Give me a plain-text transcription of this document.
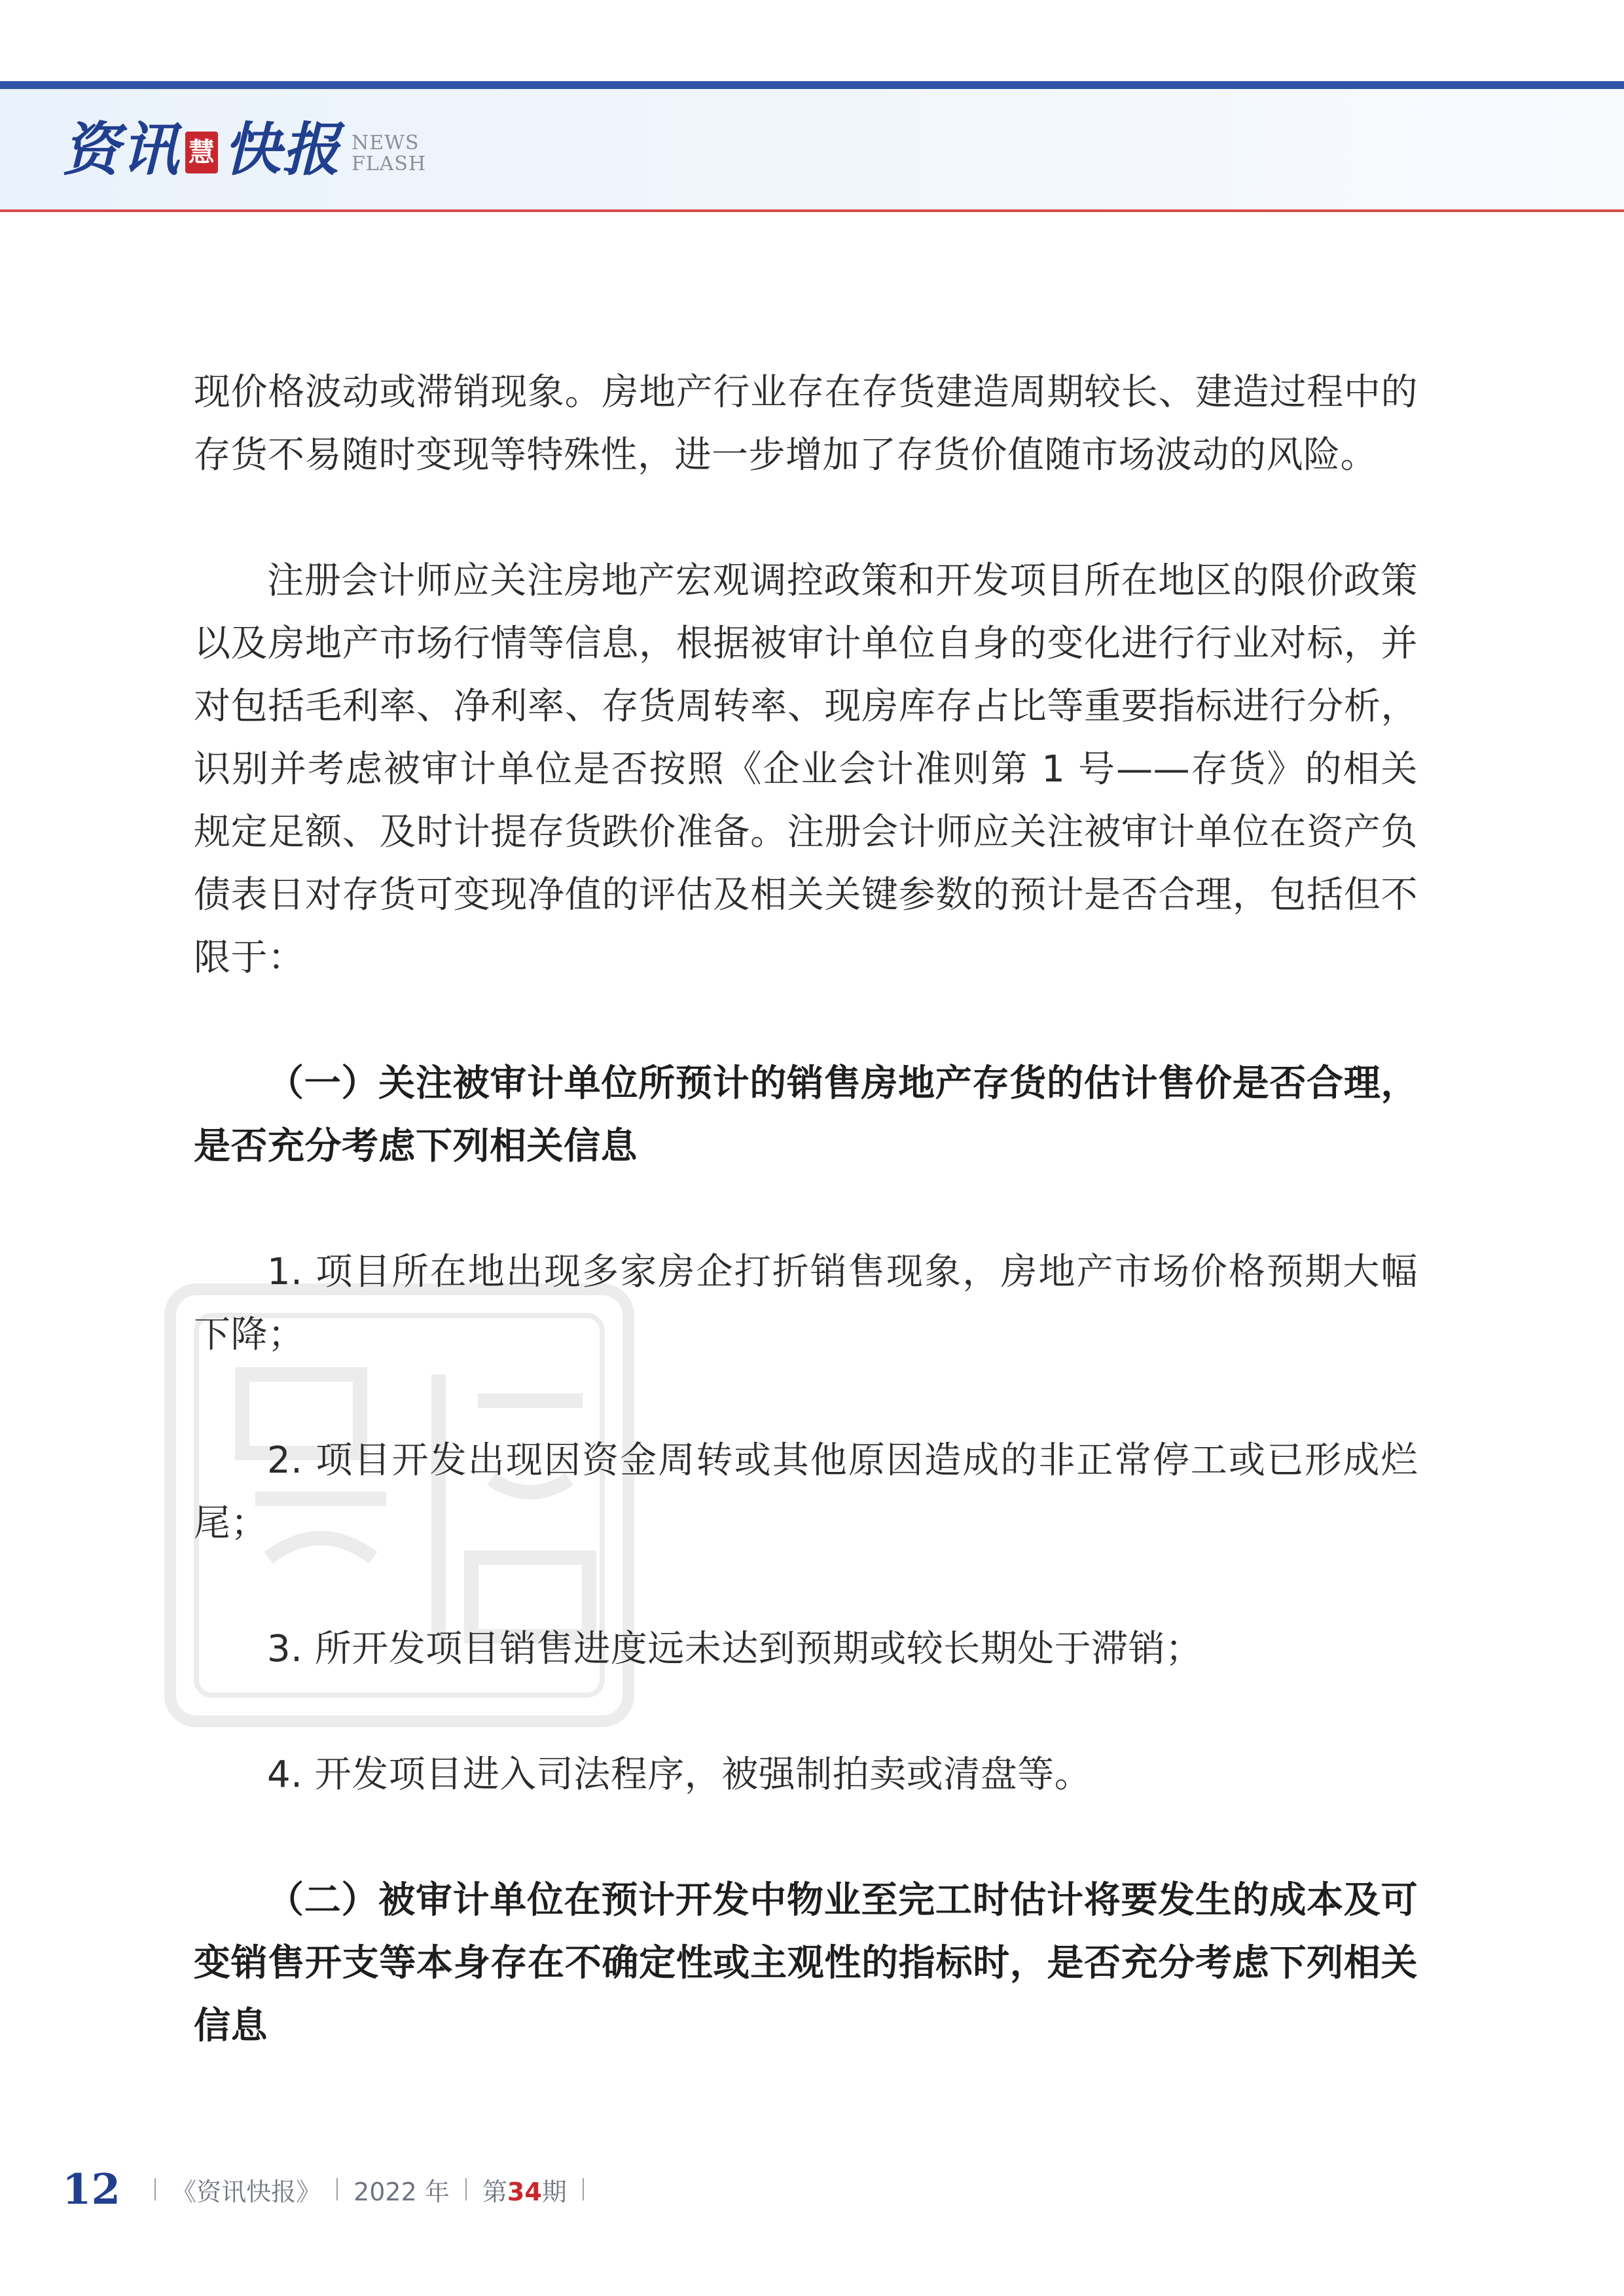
资讯 慧 快报 NEWS
FLASH

现价格波动或滞销现象。房地产行业存在存货建造周期较长、建造过程中的存货不易随时变现等特殊性，进一步增加了存货价值随市场波动的风险。

注册会计师应关注房地产宏观调控政策和开发项目所在地区的限价政策以及房地产市场行情等信息，根据被审计单位自身的变化进行行业对标，并对包括毛利率、净利率、存货周转率、现房库存占比等重要指标进行分析，识别并考虑被审计单位是否按照《企业会计准则第 1 号——存货》的相关规定足额、及时计提存货跌价准备。注册会计师应关注被审计单位在资产负债表日对存货可变现净值的评估及相关关键参数的预计是否合理，包括但不限于：

（一）关注被审计单位所预计的销售房地产存货的估计售价是否合理，是否充分考虑下列相关信息

1. 项目所在地出现多家房企打折销售现象，房地产市场价格预期大幅下降；

2. 项目开发出现因资金周转或其他原因造成的非正常停工或已形成烂尾；

3. 所开发项目销售进度远未达到预期或较长期处于滞销；

4. 开发项目进入司法程序，被强制拍卖或清盘等。

（二）被审计单位在预计开发中物业至完工时估计将要发生的成本及可变销售开支等本身存在不确定性或主观性的指标时，是否充分考虑下列相关信息

12 《资讯快报》 2022 年 第34期
